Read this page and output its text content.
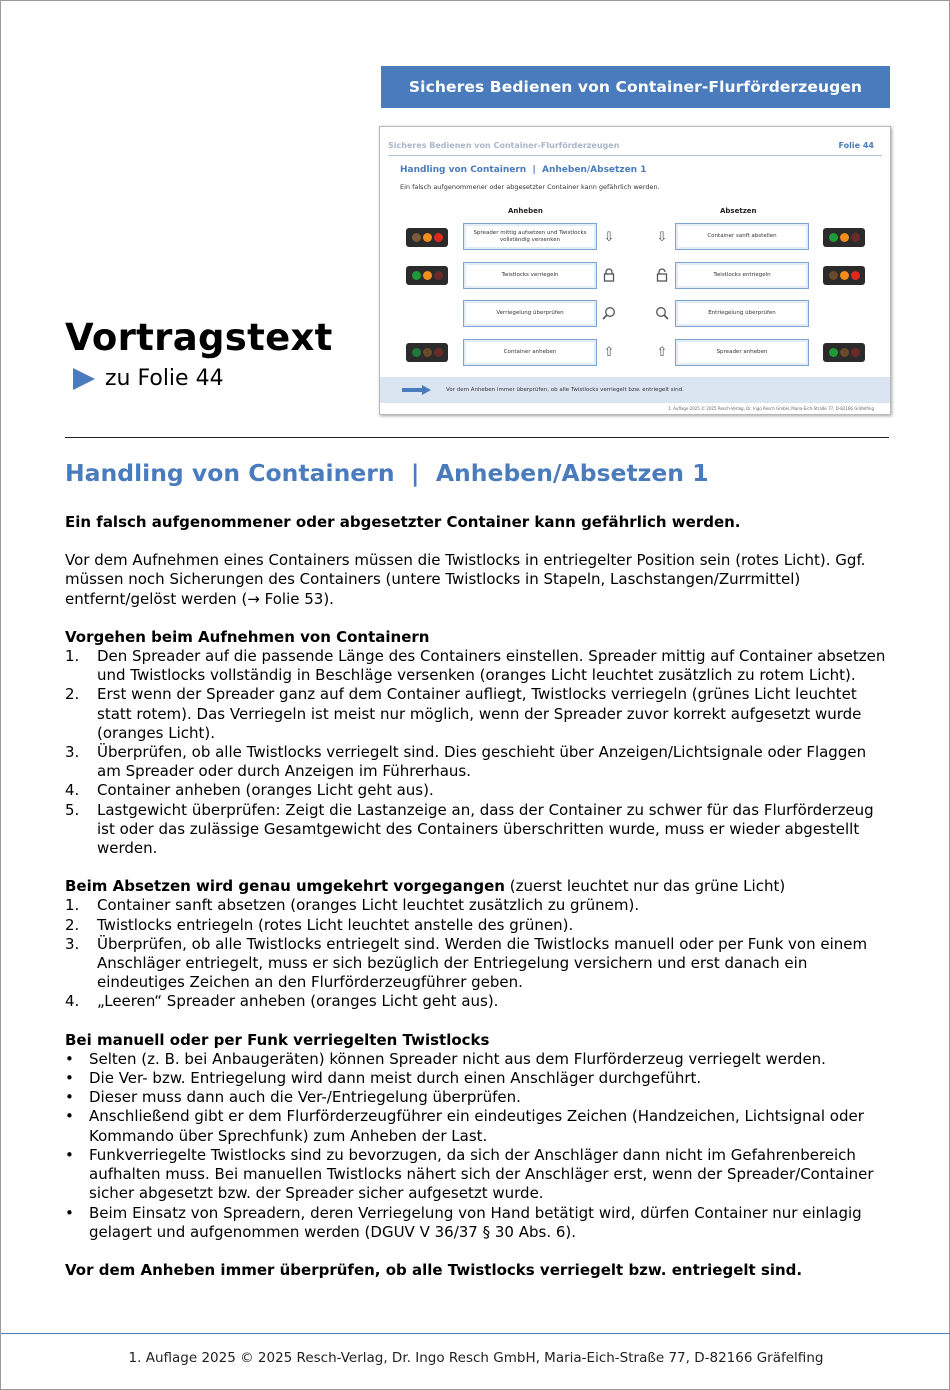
Sicheres Bedienen von Container-Flurförderzeugen
Sicheres Bedienen von Container-Flurförderzeugen	Folie 44
Handling von Containern  |  Anheben/Absetzen 1
Ein falsch aufgenommener oder abgesetzter Container kann gefährlich werden.
Anheben	Absetzen
Spreader mittig aufsetzen und Twistlocks vollständig versenken	⇩	⇩	Container sanft abstellen
Twistlocks verriegeln	Twistlocks entriegeln
Verriegelung überprüfen	Entriegelung überprüfen
Container anheben	⇧	⇧	Spreader anheben
Vor dem Anheben immer überprüfen, ob alle Twistlocks verriegelt bzw. entriegelt sind.
1. Auflage 2025 © 2025 Resch-Verlag, Dr. Ingo Resch GmbH, Maria-Eich-Straße 77, D-82166 Gräfelfing
Vortragstext
zu Folie 44
Handling von Containern  |  Anheben/Absetzen 1

Ein falsch aufgenommener oder abgesetzter Container kann gefährlich werden.

Vor dem Aufnehmen eines Containers müssen die Twistlocks in entriegelter Position sein (rotes Licht). Ggf. müssen noch Sicherungen des Containers (untere Twistlocks in Stapeln, Laschstangen/Zurrmittel) entfernt/gelöst werden (→ Folie 53).

Vorgehen beim Aufnehmen von Containern

1. Den Spreader auf die passende Länge des Containers einstellen. Spreader mittig auf Container absetzen und Twistlocks vollständig in Beschläge versenken (oranges Licht leuchtet zusätzlich zu rotem Licht).
2. Erst wenn der Spreader ganz auf dem Container aufliegt, Twistlocks verriegeln (grünes Licht leuchtet statt rotem). Das Verriegeln ist meist nur möglich, wenn der Spreader zuvor korrekt aufgesetzt wurde (oranges Licht).
3. Überprüfen, ob alle Twistlocks verriegelt sind. Dies geschieht über Anzeigen/Lichtsignale oder Flaggen am Spreader oder durch Anzeigen im Führerhaus.
4. Container anheben (oranges Licht geht aus).
5. Lastgewicht überprüfen: Zeigt die Lastanzeige an, dass der Container zu schwer für das Flurförderzeug ist oder das zulässige Gesamtgewicht des Containers überschritten wurde, muss er wieder abgestellt werden.

Beim Absetzen wird genau umgekehrt vorgegangen (zuerst leuchtet nur das grüne Licht)

1. Container sanft absetzen (oranges Licht leuchtet zusätzlich zu grünem).
2. Twistlocks entriegeln (rotes Licht leuchtet anstelle des grünen).
3. Überprüfen, ob alle Twistlocks entriegelt sind. Werden die Twistlocks manuell oder per Funk von einem Anschläger entriegelt, muss er sich bezüglich der Entriegelung versichern und erst danach ein eindeutiges Zeichen an den Flurförderzeugführer geben.
4. „Leeren“ Spreader anheben (oranges Licht geht aus).

Bei manuell oder per Funk verriegelten Twistlocks

• Selten (z. B. bei Anbaugeräten) können Spreader nicht aus dem Flurförderzeug verriegelt werden.
• Die Ver- bzw. Entriegelung wird dann meist durch einen Anschläger durchgeführt.
• Dieser muss dann auch die Ver-/Entriegelung überprüfen.
• Anschließend gibt er dem Flurförderzeugführer ein eindeutiges Zeichen (Handzeichen, Lichtsignal oder Kommando über Sprechfunk) zum Anheben der Last.
• Funkverriegelte Twistlocks sind zu bevorzugen, da sich der Anschläger dann nicht im Gefahrenbereich aufhalten muss. Bei manuellen Twistlocks nähert sich der Anschläger erst, wenn der Spreader/Container sicher abgesetzt bzw. der Spreader sicher aufgesetzt wurde.
• Beim Einsatz von Spreadern, deren Verriegelung von Hand betätigt wird, dürfen Container nur einlagig gelagert und aufgenommen werden (DGUV V 36/37 § 30 Abs. 6).

Vor dem Anheben immer überprüfen, ob alle Twistlocks verriegelt bzw. entriegelt sind.

1. Auflage 2025 © 2025 Resch-Verlag, Dr. Ingo Resch GmbH, Maria-Eich-Straße 77, D-82166 Gräfelfing
